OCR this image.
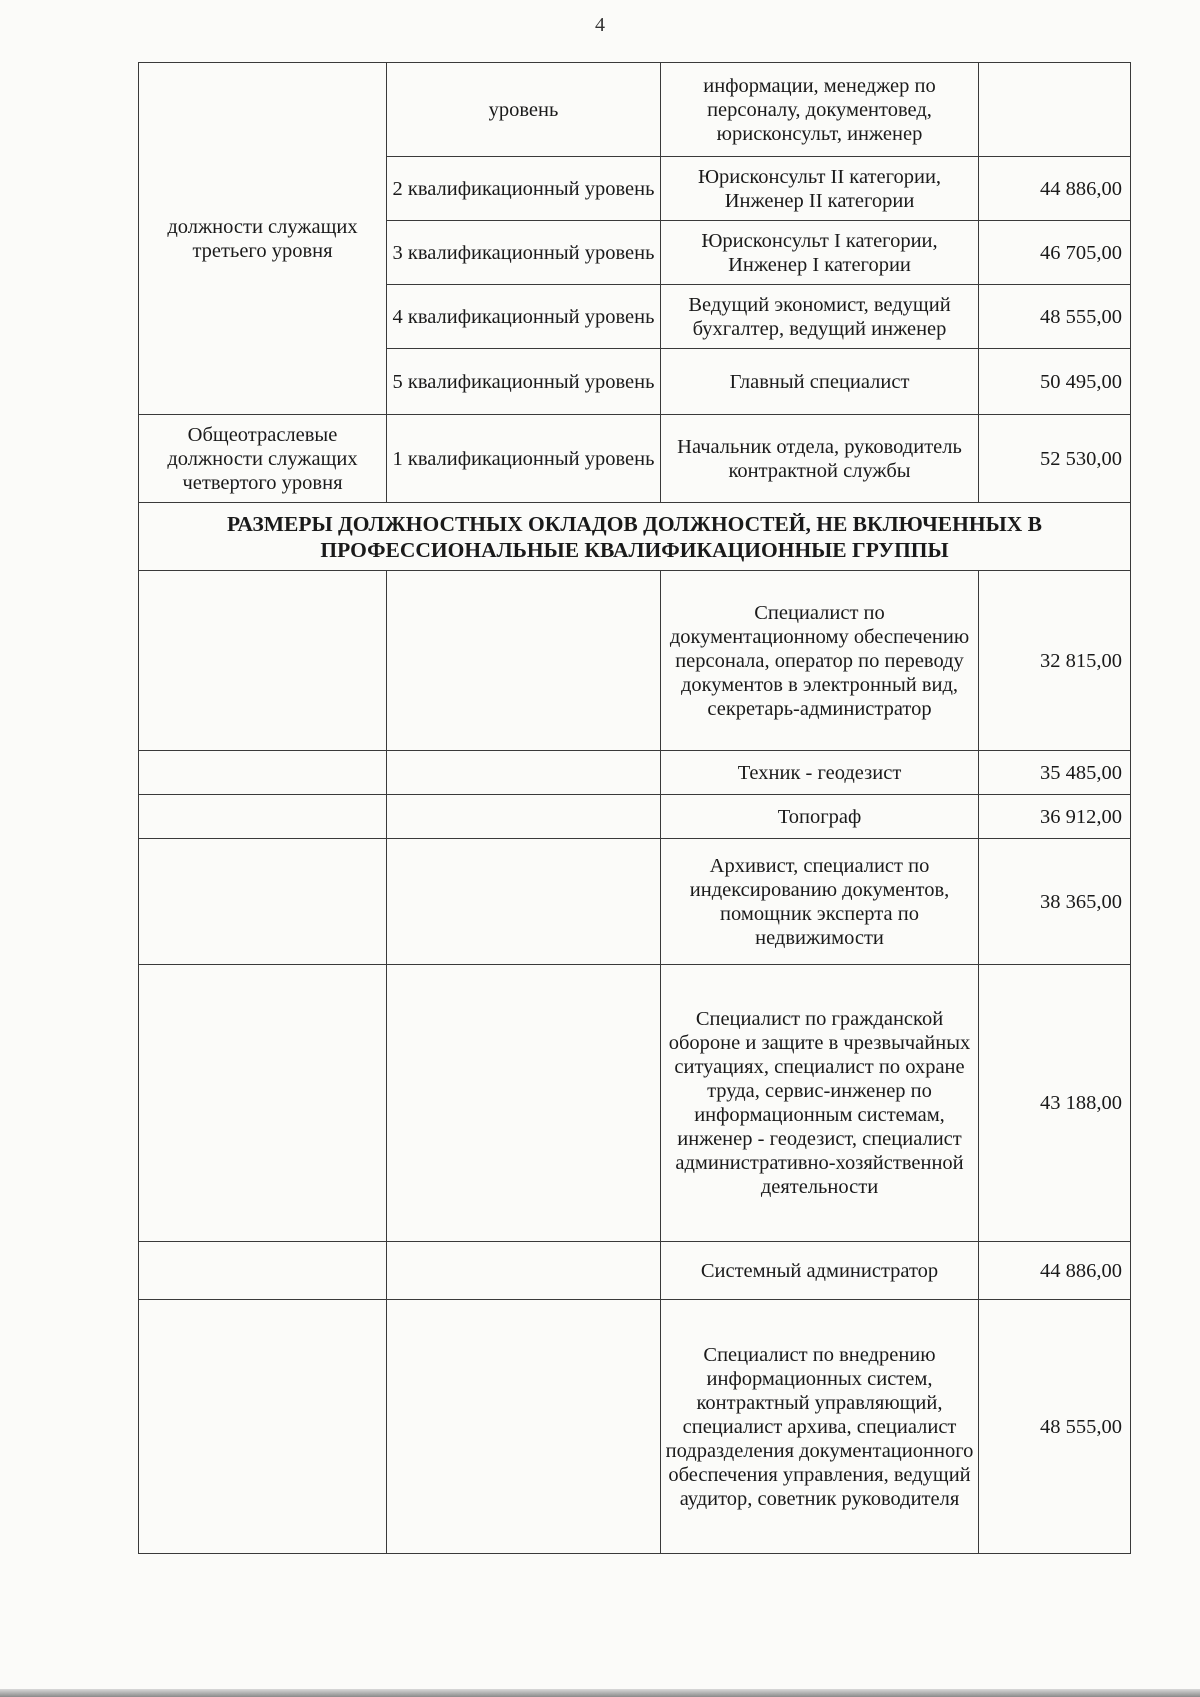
4
должности служащих третьего уровня	уровень	информации, менеджер по персоналу, документовед, юрисконсульт, инженер	
	2 квалификационный уровень	Юрисконсульт II категории, Инженер II категории	44 886,00
	3 квалификационный уровень	Юрисконсульт I категории, Инженер I категории	46 705,00
	4 квалификационный уровень	Ведущий экономист, ведущий бухгалтер, ведущий инженер	48 555,00
	5 квалификационный уровень	Главный специалист	50 495,00
Общеотраслевые должности служащих четвертого уровня	1 квалификационный уровень	Начальник отдела, руководитель контрактной службы	52 530,00
РАЗМЕРЫ ДОЛЖНОСТНЫХ ОКЛАДОВ ДОЛЖНОСТЕЙ, НЕ ВКЛЮЧЕННЫХ В ПРОФЕССИОНАЛЬНЫЕ КВАЛИФИКАЦИОННЫЕ ГРУППЫ			
		Специалист по документационному обеспечению персонала, оператор по переводу документов в электронный вид, секретарь-администратор	32 815,00
		Техник - геодезист	35 485,00
		Топограф	36 912,00
		Архивист, специалист по индексированию документов, помощник эксперта по недвижимости	38 365,00
		Специалист по гражданской обороне и защите в чрезвычайных ситуациях, специалист по охране труда, сервис-инженер по информационным системам, инженер - геодезист, специалист административно-хозяйственной деятельности	43 188,00
		Системный администратор	44 886,00
		Специалист по внедрению информационных систем, контрактный управляющий, специалист архива, специалист подразделения документационного обеспечения управления, ведущий аудитор, советник руководителя	48 555,00
